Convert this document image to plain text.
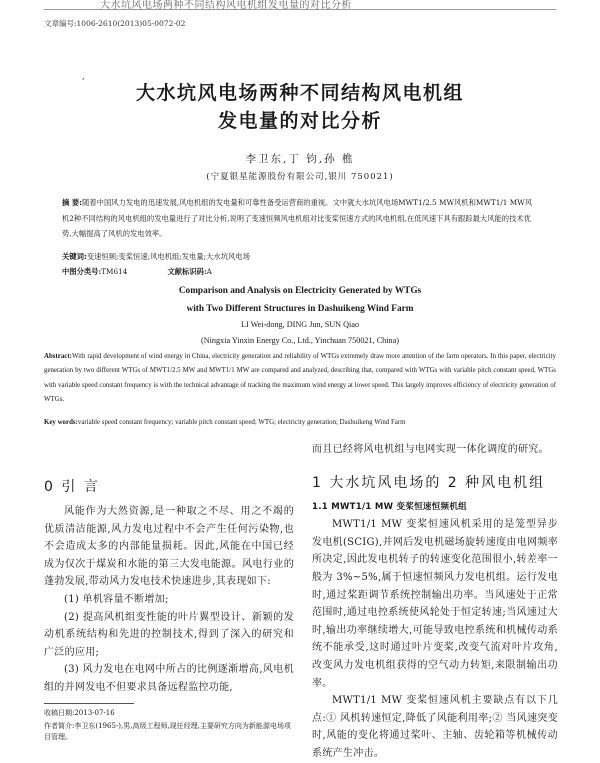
大水坑风电场两种不同结构风电机组发电量的对比分析
文章编号:1006-2610(2013)05-0072-02
,
大水坑风电场两种不同结构风电机组
发电量的对比分析
李卫东,丁 钧,孙 樵
(宁夏银星能源股份有限公司,银川 750021)
摘 要:随着中国风力发电的迅速发展,风电机组的发电量和可靠性备受运营商的重视。文中就大水坑风电场MWT1/2.5 MW风机和MWT1/1 MW风机2种不同结构的风电机组的发电量进行了对比分析,说明了变速恒频风电机组对比变桨恒速方式的风电机组,在低风速下具有跟踪最大风能的技术优势,大幅提高了风机的发电效率。
关键词:变速恒频;变桨恒速;风电机组;发电量;大水坑风电场
中图分类号:TM614	文献标识码:A
Comparison and Analysis on Electricity Generated by WTGs
with Two Different Structures in Dashuikeng Wind Farm
LI Wei-dong, DING Jun, SUN Qiao
(Ningxia Yinxin Energy Co., Ltd., Yinchuan 750021, China)
Abstract:With rapid development of wind energy in China, electricity generation and reliability of WTGs extremely draw more attention of the farm operators. In this paper, electricity generation by two different WTGs of MWT1/2.5 MW and MWT1/1 MW are compared and analyzed, describing that, compared with WTGs with variable pitch constant speed, WTGs with variable speed constant frequency is with the technical advantage of tracking the maximum wind energy at lower speed. This largely improves efficiency of electricity generation of WTGs.
Key words:variable speed constant frequency; variable pitch constant speed; WTG; electricity generation; Dashuikeng Wind Farm
而且已经将风电机组与电网实现一体化调度的研究。
1 大水坑风电场的 2 种风电机组
1.1 MWT1/1 MW 变桨恒速恒频机组
MWT1/1 MW 变桨恒速风机采用的是笼型异步发电机(SCIG),并网后发电机磁场旋转速度由电网频率所决定,因此发电机转子的转速变化范围很小,转差率一般为 3%~5%,属于恒速恒频风力发电机组。运行发电时,通过桨距调节系统控制输出功率。当风速处于正常范围时,通过电控系统使风轮处于恒定转速;当风速过大时,输出功率继续增大,可能导致电控系统和机械传动系统不能承受,这时通过叶片变桨,改变气流对叶片攻角,改变风力发电机组获得的空气动力转矩,来限制输出功率。
MWT1/1 MW 变桨恒速风机主要缺点有以下几点:① 风机转速恒定,降低了风能利用率;② 当风速突变时,风能的变化将通过桨叶、主轴、齿轮箱等机械传动系统产生冲击。
0 引 言
风能作为大然资源,是一种取之不尽、用之不竭的优质清洁能源,风力发电过程中不会产生任何污染物,也不会造成太多的内部能量损耗。因此,风能在中国已经成为仅次于煤炭和水能的第三大发电能源。风电行业的蓬勃发展,带动风力发电技术快速进步,其表现如下:
(1) 单机容量不断增加;
(2) 提高风机组变性能的叶片翼型设计、新颖的发动机系统结构和先进的控制技术,得到了深入的研究和广泛的应用;
(3) 风力发电在电网中所占的比例逐渐增高,风电机组的并网发电不但要求具备远程监控功能,
收稿日期:2013-07-16
作者简介:李卫东(1965-),男,高级工程师,现任经理,主要研究方向为新能源电场项目管理。
